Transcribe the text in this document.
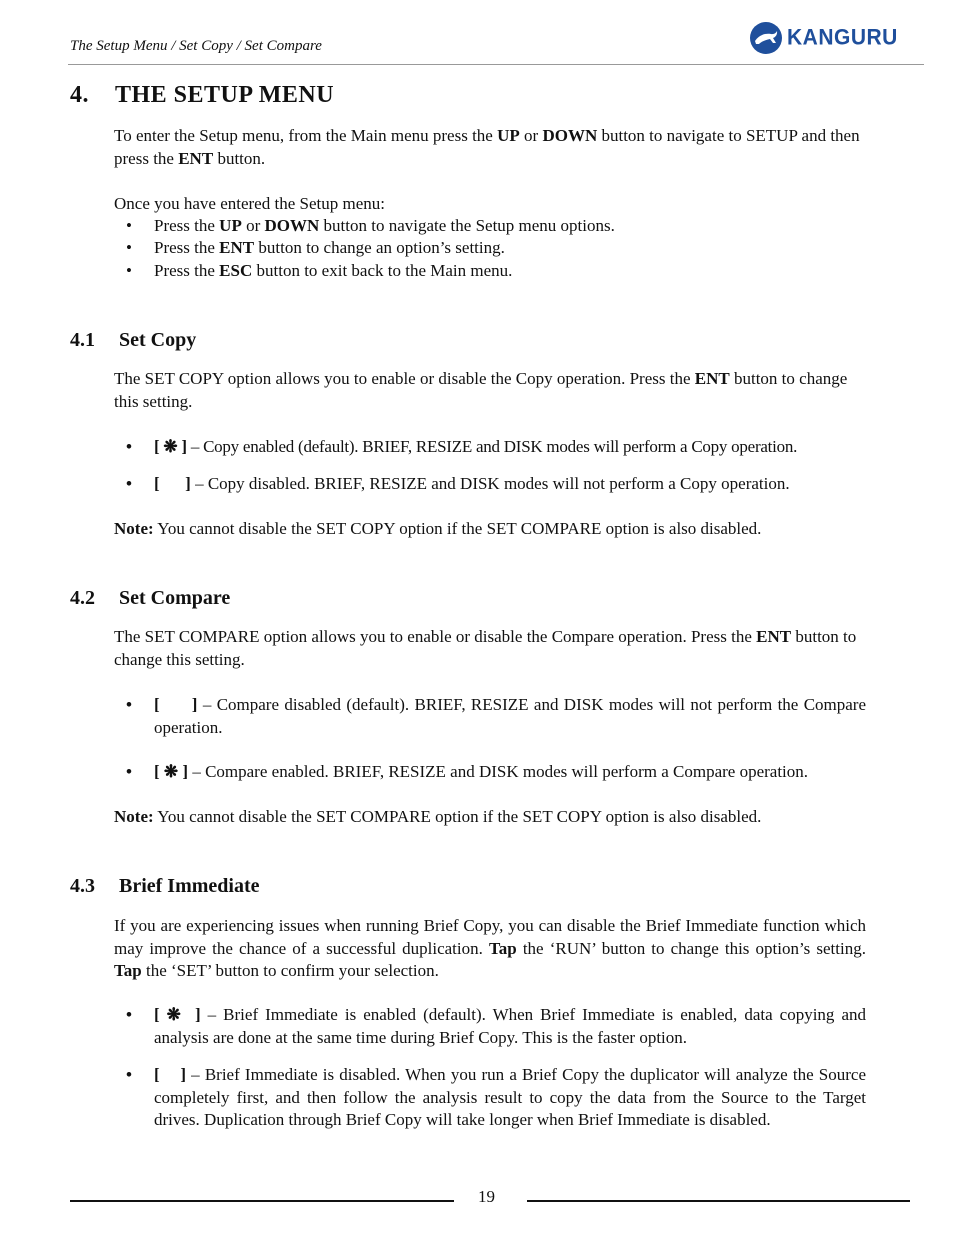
The Setup Menu / Set Copy / Set Compare	KANGURU
4. THE SETUP MENU
To enter the Setup menu, from the Main menu press the UP or DOWN button to navigate to SETUP and then press the ENT button.
Once you have entered the Setup menu:
• Press the UP or DOWN button to navigate the Setup menu options.
• Press the ENT button to change an option’s setting.
• Press the ESC button to exit back to the Main menu.
4.1 Set Copy
The SET COPY option allows you to enable or disable the Copy operation. Press the ENT button to change this setting.
• [ ❋ ] – Copy enabled (default). BRIEF, RESIZE and DISK modes will perform a Copy operation.
• [      ] – Copy disabled. BRIEF, RESIZE and DISK modes will not perform a Copy operation.
Note: You cannot disable the SET COPY option if the SET COMPARE option is also disabled.
4.2 Set Compare
The SET COMPARE option allows you to enable or disable the Compare operation. Press the ENT button to change this setting.
• [      ] – Compare disabled (default). BRIEF, RESIZE and DISK modes will not perform the Compare operation.
• [ ❋ ] – Compare enabled. BRIEF, RESIZE and DISK modes will perform a Compare operation.
Note: You cannot disable the SET COMPARE option if the SET COPY option is also disabled.
4.3 Brief Immediate
If you are experiencing issues when running Brief Copy, you can disable the Brief Immediate function which may improve the chance of a successful duplication. Tap the ‘RUN’ button to change this option’s setting. Tap the ‘SET’ button to confirm your selection.
• [ ❋  ] – Brief Immediate is enabled (default). When Brief Immediate is enabled, data copying and analysis are done at the same time during Brief Copy. This is the faster option.
• [    ] – Brief Immediate is disabled. When you run a Brief Copy the duplicator will analyze the Source completely first, and then follow the analysis result to copy the data from the Source to the Target drives. Duplication through Brief Copy will take longer when Brief Immediate is disabled.
19
